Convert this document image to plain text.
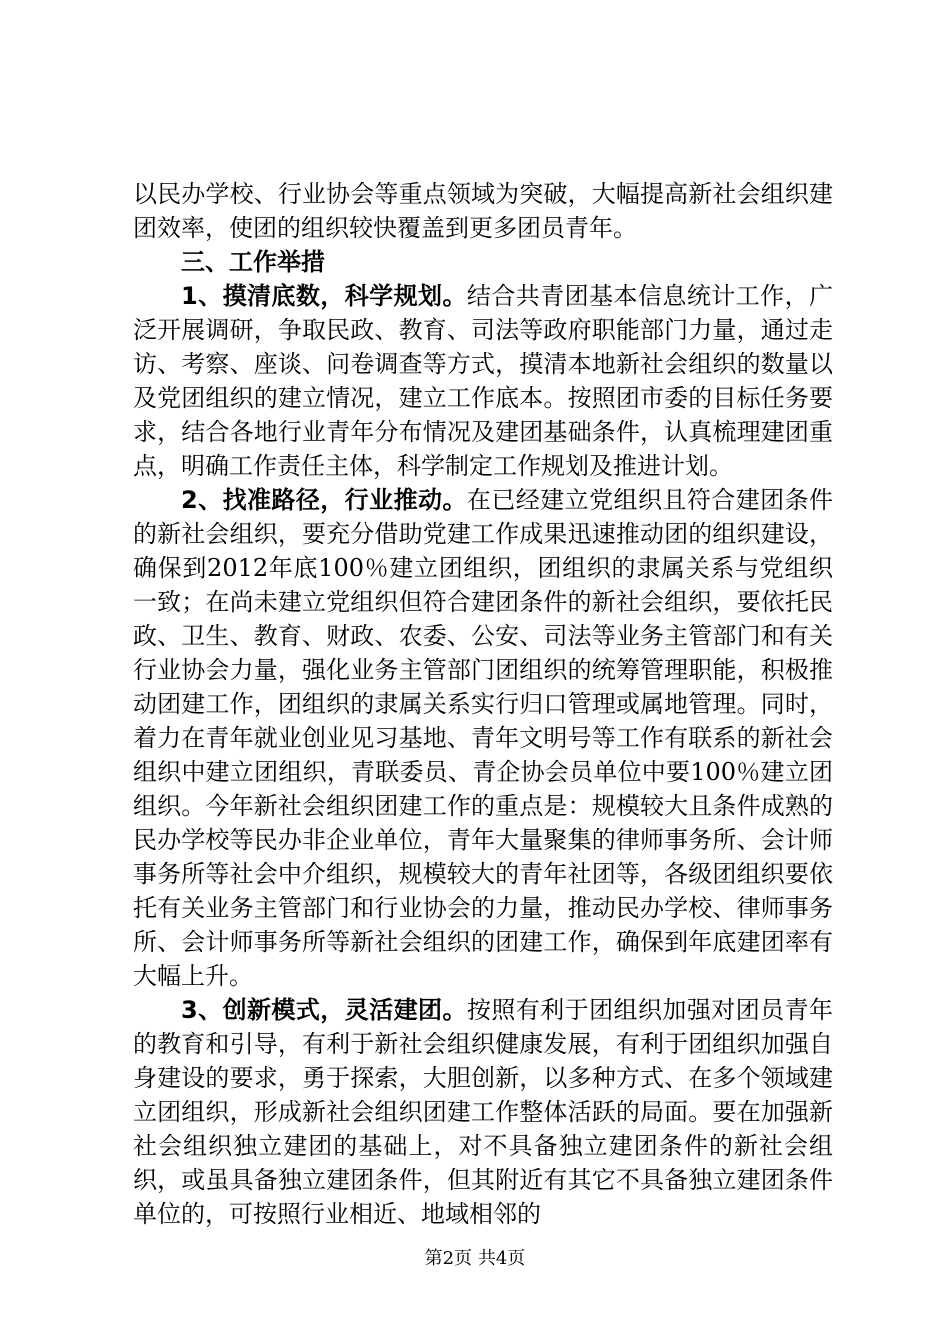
以民办学校、行业协会等重点领域为突破，大幅提高新社会组织建团效率，使团的组织较快覆盖到更多团员青年。

三、工作举措

1、摸清底数，科学规划。结合共青团基本信息统计工作，广泛开展调研，争取民政、教育、司法等政府职能部门力量，通过走访、考察、座谈、问卷调查等方式，摸清本地新社会组织的数量以及党团组织的建立情况，建立工作底本。按照团市委的目标任务要求，结合各地行业青年分布情况及建团基础条件，认真梳理建团重点，明确工作责任主体，科学制定工作规划及推进计划。

2、找准路径，行业推动。在已经建立党组织且符合建团条件的新社会组织，要充分借助党建工作成果迅速推动团的组织建设，确保到2012年底100％建立团组织，团组织的隶属关系与党组织一致；在尚未建立党组织但符合建团条件的新社会组织，要依托民政、卫生、教育、财政、农委、公安、司法等业务主管部门和有关行业协会力量，强化业务主管部门团组织的统筹管理职能，积极推动团建工作，团组织的隶属关系实行归口管理或属地管理。同时，着力在青年就业创业见习基地、青年文明号等工作有联系的新社会组织中建立团组织，青联委员、青企协会员单位中要100％建立团组织。今年新社会组织团建工作的重点是：规模较大且条件成熟的民办学校等民办非企业单位，青年大量聚集的律师事务所、会计师事务所等社会中介组织，规模较大的青年社团等，各级团组织要依托有关业务主管部门和行业协会的力量，推动民办学校、律师事务所、会计师事务所等新社会组织的团建工作，确保到年底建团率有大幅上升。

3、创新模式，灵活建团。按照有利于团组织加强对团员青年的教育和引导，有利于新社会组织健康发展，有利于团组织加强自身建设的要求，勇于探索，大胆创新，以多种方式、在多个领域建立团组织，形成新社会组织团建工作整体活跃的局面。要在加强新社会组织独立建团的基础上，对不具备独立建团条件的新社会组织，或虽具备独立建团条件，但其附近有其它不具备独立建团条件单位的，可按照行业相近、地域相邻的

第2页 共4页
